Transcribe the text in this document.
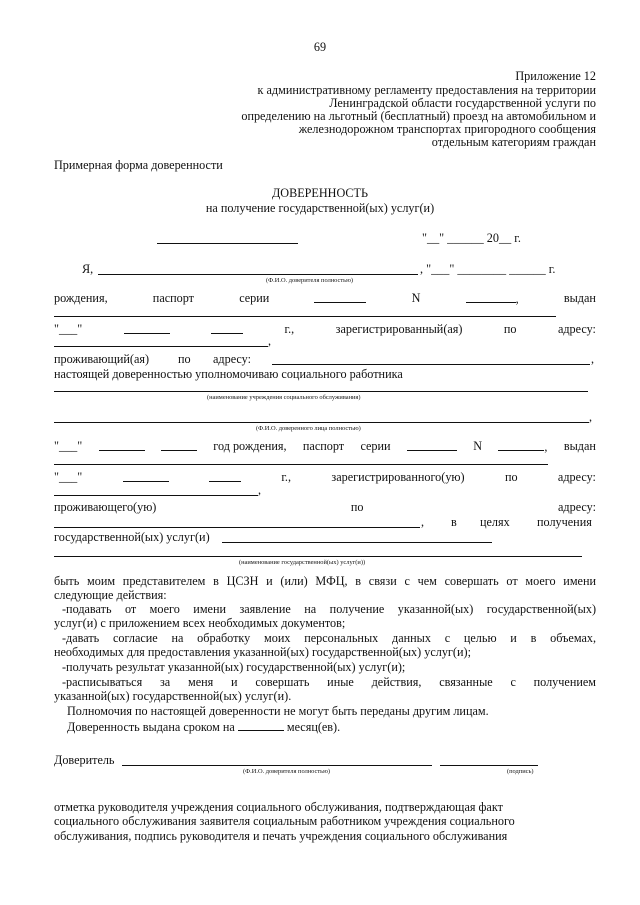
69
Приложение 12
к административному регламенту предоставления на территории
Ленинградской области государственной услуги по
определению на льготный (бесплатный) проезд на автомобильном и
железнодорожном транспортах пригородного сообщения
отдельным категориям граждан
Примерная форма доверенности
ДОВЕРЕННОСТЬ
на получение государственной(ых) услуг(и)
"__" ______ 20__ г.
Я,	, "___" ________ ______ г.
(Ф.И.О. доверителя полностью)
рождения,	паспорт	серии	N	,	выдан
"___"	г.,	зарегистрированный(ая)	по	адресу:
,
проживающий(ая) по адресу:	,
настоящей доверенностью уполномочиваю социального работника
(наименование учреждения социального обслуживания)
,
(Ф.И.О. доверенного лица полностью)
"___"	год рождения, паспорт серии	N	, выдан
"___"	г.,	зарегистрированного(ую)	по	адресу:
,
проживающего(ую)	по	адресу:
, в целях получения
государственной(ых) услуг(и)
(наименование государственной(ых) услуг(и))
быть моим представителем в ЦСЗН и (или) МФЦ, в связи с чем совершать от моего имени
следующие действия:
-подавать от моего имени заявление на получение указанной(ых) государственной(ых)
услуг(и) с приложением всех необходимых документов;
-давать согласие на обработку моих персональных данных с целью и в объемах,
необходимых для предоставления указанной(ых) государственной(ых) услуг(и);
-получать результат указанной(ых) государственной(ых) услуг(и);
-расписываться за меня и совершать иные действия, связанные с получением
указанной(ых) государственной(ых) услуг(и).
Полномочия по настоящей доверенности не могут быть переданы другим лицам.
Доверенность выдана сроком на	месяц(ев).
Доверитель
(Ф.И.О. доверителя полностью)	(подпись)
отметка руководителя учреждения социального обслуживания, подтверждающая факт
социального обслуживания заявителя социальным работником учреждения социального
обслуживания, подпись руководителя и печать учреждения социального обслуживания
